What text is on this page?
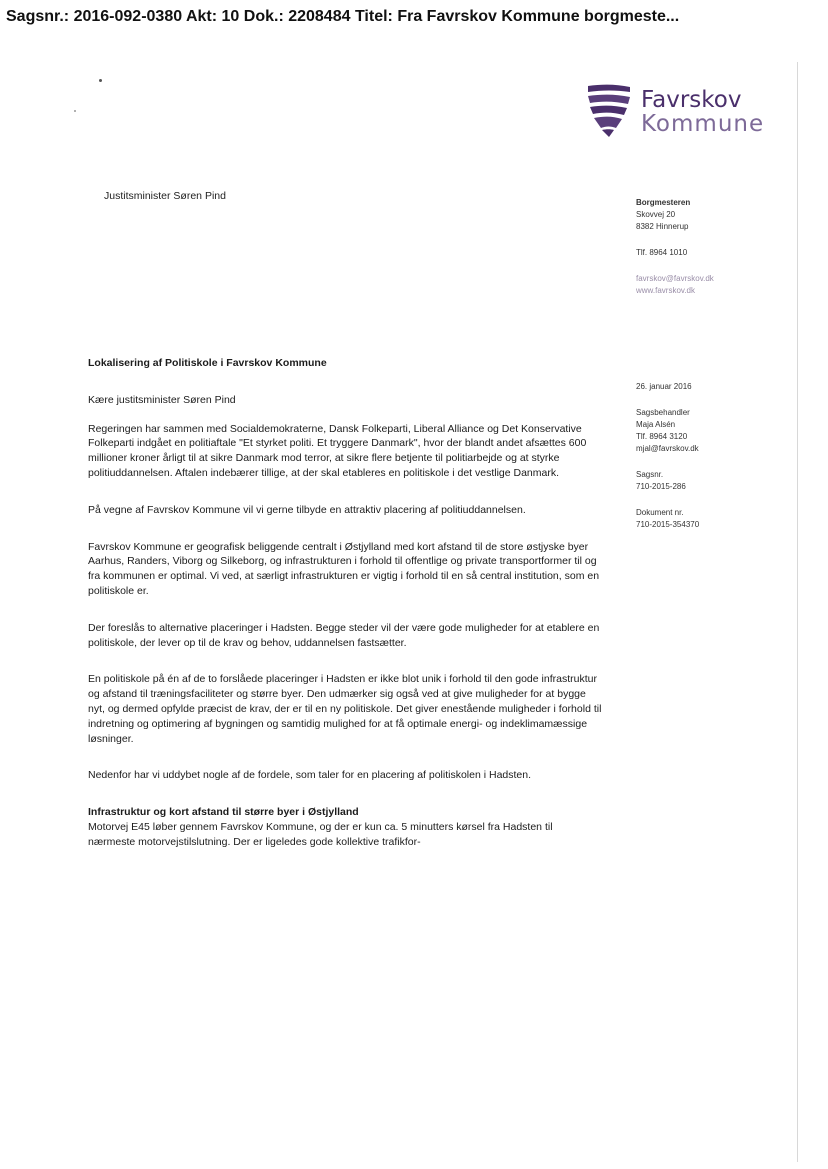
Sagsnr.: 2016-092-0380 Akt: 10 Dok.: 2208484 Titel: Fra Favrskov Kommune borgmeste...
Favrskov
Kommune
Justitsminister Søren Pind
Borgmesteren
Skovvej 20
8382 Hinnerup
Tlf. 8964 1010
favrskov@favrskov.dk
www.favrskov.dk
26. januar 2016
Sagsbehandler
Maja Alsén
Tlf. 8964 3120
mjal@favrskov.dk
Sagsnr.
710-2015-286
Dokument nr.
710-2015-354370
Lokalisering af Politiskole i Favrskov Kommune

Kære justitsminister Søren Pind

Regeringen har sammen med Socialdemokraterne, Dansk Folkeparti, Liberal Alliance og Det Konservative Folkeparti indgået en politiaftale "Et styrket politi. Et tryggere Danmark", hvor der blandt andet afsættes 600 millioner kroner årligt til at sikre Danmark mod terror, at sikre flere betjente til politiarbejde og at styrke politiuddannelsen. Aftalen indebærer tillige, at der skal etableres en politiskole i det vestlige Danmark.

På vegne af Favrskov Kommune vil vi gerne tilbyde en attraktiv placering af politiuddannelsen.

Favrskov Kommune er geografisk beliggende centralt i Østjylland med kort afstand til de store østjyske byer Aarhus, Randers, Viborg og Silkeborg, og infrastrukturen i forhold til offentlige og private transportformer til og fra kommunen er optimal. Vi ved, at særligt infrastrukturen er vigtig i forhold til en så central institution, som en politiskole er.

Der foreslås to alternative placeringer i Hadsten. Begge steder vil der være gode muligheder for at etablere en politiskole, der lever op til de krav og behov, uddannelsen fastsætter.

En politiskole på én af de to forslåede placeringer i Hadsten er ikke blot unik i forhold til den gode infrastruktur og afstand til træningsfaciliteter og større byer. Den udmærker sig også ved at give muligheder for at bygge nyt, og dermed opfylde præcist de krav, der er til en ny politiskole. Det giver enestående muligheder i forhold til indretning og optimering af bygningen og samtidig mulighed for at få optimale energi- og indeklimamæssige løsninger.

Nedenfor har vi uddybet nogle af de fordele, som taler for en placering af politiskolen i Hadsten.

Infrastruktur og kort afstand til større byer i Østjylland

Motorvej E45 løber gennem Favrskov Kommune, og der er kun ca. 5 minutters kørsel fra Hadsten til nærmeste motorvejstilslutning. Der er ligeledes gode kollektive trafikfor-
